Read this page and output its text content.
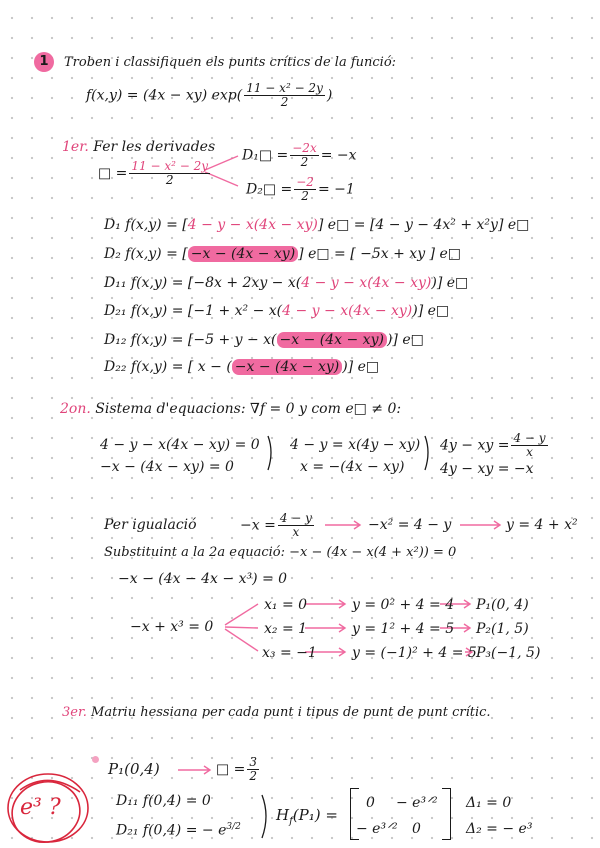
1	Troben i classifiquen els punts crítics de la funció:
f(x,y) = (4x − xy) $\exp( \frac{\text{11 − x² − 2y}}{2}$ )
1er. Fer les derivades
□ = $\frac{\text{11 − x² − 2y}}{2}$
D₁□ = $\frac{-2x}{2} = -x$
D₂□ = $\frac{-2}{2} = -1$
D₁ f(x,y) = [4 − y − x(4x − xy)] e□ = [4 − y − 4x² + x²y] e□
D₂ f(x,y) = [ −x − (4x − xy) ] e□ = [ −5x + xy ] e□
D₁₁ f(x,y) = [−8x + 2xy − x(4 − y − x(4x − xy))] e□
D₂₁ f(x,y) = [−1 + x² − x(4 − y − x(4x − xy))] e□
D₁₂ f(x,y) = [−5 + y − x( −x − (4x − xy) )] e□
D₂₂ f(x,y) = [ x − ( −x − (4x − xy) )] e□
2on. Sistema d'equacions: ∇f = 0 y com e□ ≠ 0:
4 − y − x(4x − xy) = 0
−x − (4x − xy) = 0
4 − y = x(4y − xy)
x = −(4x − xy)
4y − xy = $\frac{4 - y}{x}$
4y − xy = −x
Per igualació	$-x = \frac{4 - y}{x}$	−x² = 4 − y	y = 4 + x²
Substituint a la 2a equació: −x − (4x − x(4 + x²)) = 0
−x − (4x − 4x − x³) = 0
−x + x³ = 0
x₁ = 0
x₂ = 1
x₃ = −1
y = 0² + 4 = 4
y = 1² + 4 = 5
y = (−1)² + 4 = 5
P₁(0, 4)
P₂(1, 5)
P₃(−1, 5)
3er. Matriu hessiana per cada punt i tipus de punt de punt crític.
P₁(0,4)	□ = $\frac{3}{2}$
D₁₁ f(0,4) = 0
D₂₁ f(0,4) = − $e^{3/2}$
$H_f(P_1)$ =
0 − e³ᐟ²
− e³ᐟ² 0
Δ₁ = 0
Δ₂ = − e³
e³ ?
